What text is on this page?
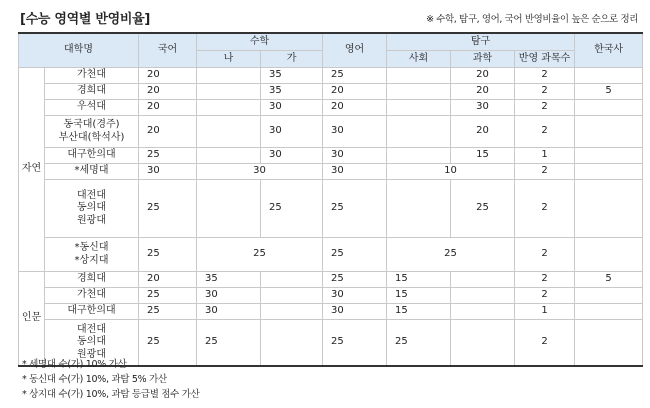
[수능 영역별 반영비율]	※ 수학, 탐구, 영어, 국어 반영비율이 높은 순으로 정리
대학명		국어	수학		영어	탐구			한국사
			나	가		사회	과학	반영 과목수	
자연	가천대	20		35	25		20	2	
	경희대	20		35	20		20	2	5
	우석대	20		30	20		30	2	
	동국대(경주)
부산대(학석사)	20		30	30		20	2	
	대구한의대	25		30	30		15	1	
	*세명대	30	30		30	10		2	
	대전대
동의대
원광대	25		25	25		25	2	
	*동신대
*상지대	25	25		25	25		2	
인문	경희대	20	35		25	15		2	5
	가천대	25	30		30	15		2	
	대구한의대	25	30		30	15		1	
	대전대
동의대
원광대	25	25		25	25		2	
* 세명대 수(가) 10% 가산
* 동신대 수(가) 10%, 과탐 5% 가산
* 상지대 수(가) 10%, 과탐 등급별 점수 가산
